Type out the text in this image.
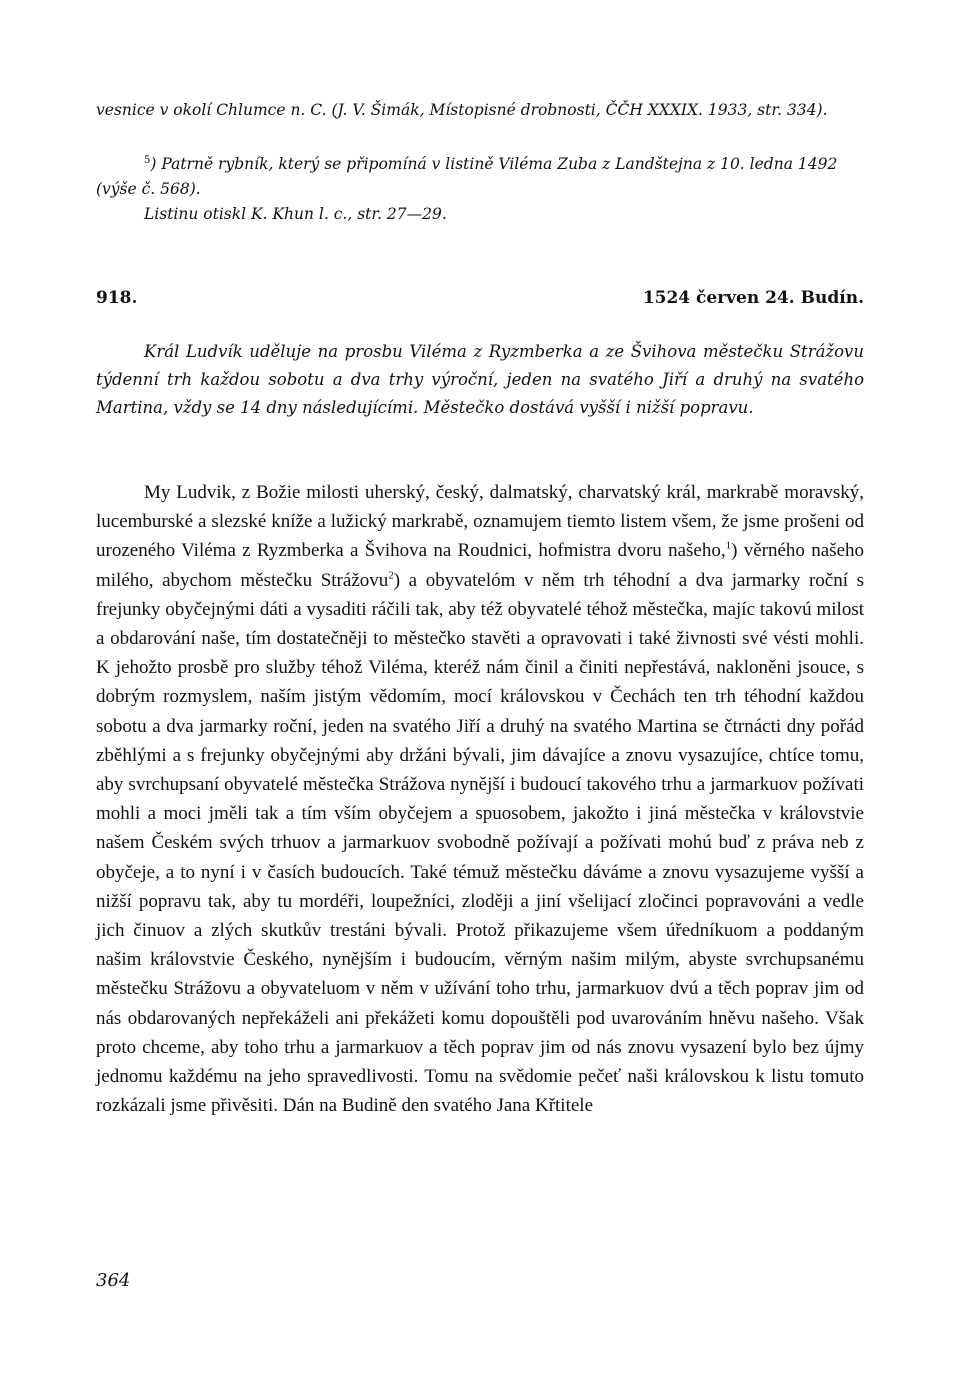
vesnice v okolí Chlumce n. C. (J. V. Šimák, Místopisné drobnosti, ČČH XXXIX. 1933, str. 334).

$^5$) Patrně rybník, který se připomíná v listině Viléma Zuba z Landštejna z 10. ledna 1492 (výše č. 568).

Listinu otiskl K. Khun l. c., str. 27—29.

918.	1524 červen 24. Budín.

Král Ludvík uděluje na prosbu Viléma z Ryzmberka a ze Švihova městečku Strážovu týdenní trh každou sobotu a dva trhy výroční, jeden na svatého Jiří a druhý na svatého Martina, vždy se 14 dny následujícími. Městečko dostává vyšší i nižší popravu.

My Ludvik, z Božie milosti uherský, český, dalmatský, charvatský král, markrabě moravský, lucemburské a slezské kníže a lužický markrabě, oznamujem tiemto listem všem, že jsme prošeni od urozeného Viléma z Ryzmberka a Švihova na Roudnici, hofmistra dvoru našeho,$^1$) věrného našeho milého, abychom městečku Strážovu$^2$) a obyvatelóm v něm trh téhodní a dva jarmarky roční s frejunky obyčejnými dáti a vysaditi ráčili tak, aby též obyvatelé téhož městečka, majíc takovú milost a obdarování naše, tím dostatečněji to městečko stavěti a opravovati i také živnosti své vésti mohli. K jehožto prosbě pro služby téhož Viléma, kteréž nám činil a činiti nepřestává, nakloněni jsouce, s dobrým rozmyslem, naším jistým vědomím, mocí královskou v Čechách ten trh téhodní každou sobotu a dva jarmarky roční, jeden na svatého Jiří a druhý na svatého Martina se čtrnácti dny pořád zběhlými a s frejunky obyčejnými aby držáni bývali, jim dávajíce a znovu vysazujíce, chtíce tomu, aby svrchupsaní obyvatelé městečka Strážova nynější i budoucí takového trhu a jarmarkuov požívati mohli a moci jměli tak a tím vším obyčejem a spuosobem, jakožto i jiná městečka v královstvie našem Českém svých trhuov a jarmarkuov svobodně požívají a požívati mohú buď z práva neb z obyčeje, a to nyní i v časích budoucích. Také témuž městečku dáváme a znovu vysazujeme vyšší a nižší popravu tak, aby tu mordéři, loupežníci, zloději a jiní všelijací zločinci popravováni a vedle jich činuov a zlých skutkův trestáni bývali. Protož přikazujeme všem úředníkuom a poddaným našim královstvie Českého, nynějším i budoucím, věrným našim milým, abyste svrchupsanému městečku Strážovu a obyvateluom v něm v užívání toho trhu, jarmarkuov dvú a těch poprav jim od nás obdarovaných nepřekáželi ani překážeti komu dopouštěli pod uvarováním hněvu našeho. Však proto chceme, aby toho trhu a jarmarkuov a těch poprav jim od nás znovu vysazení bylo bez újmy jednomu každému na jeho spravedlivosti. Tomu na svědomie pečeť naši královskou k listu tomuto rozkázali jsme přivěsiti. Dán na Budině den svatého Jana Křtitele

364
